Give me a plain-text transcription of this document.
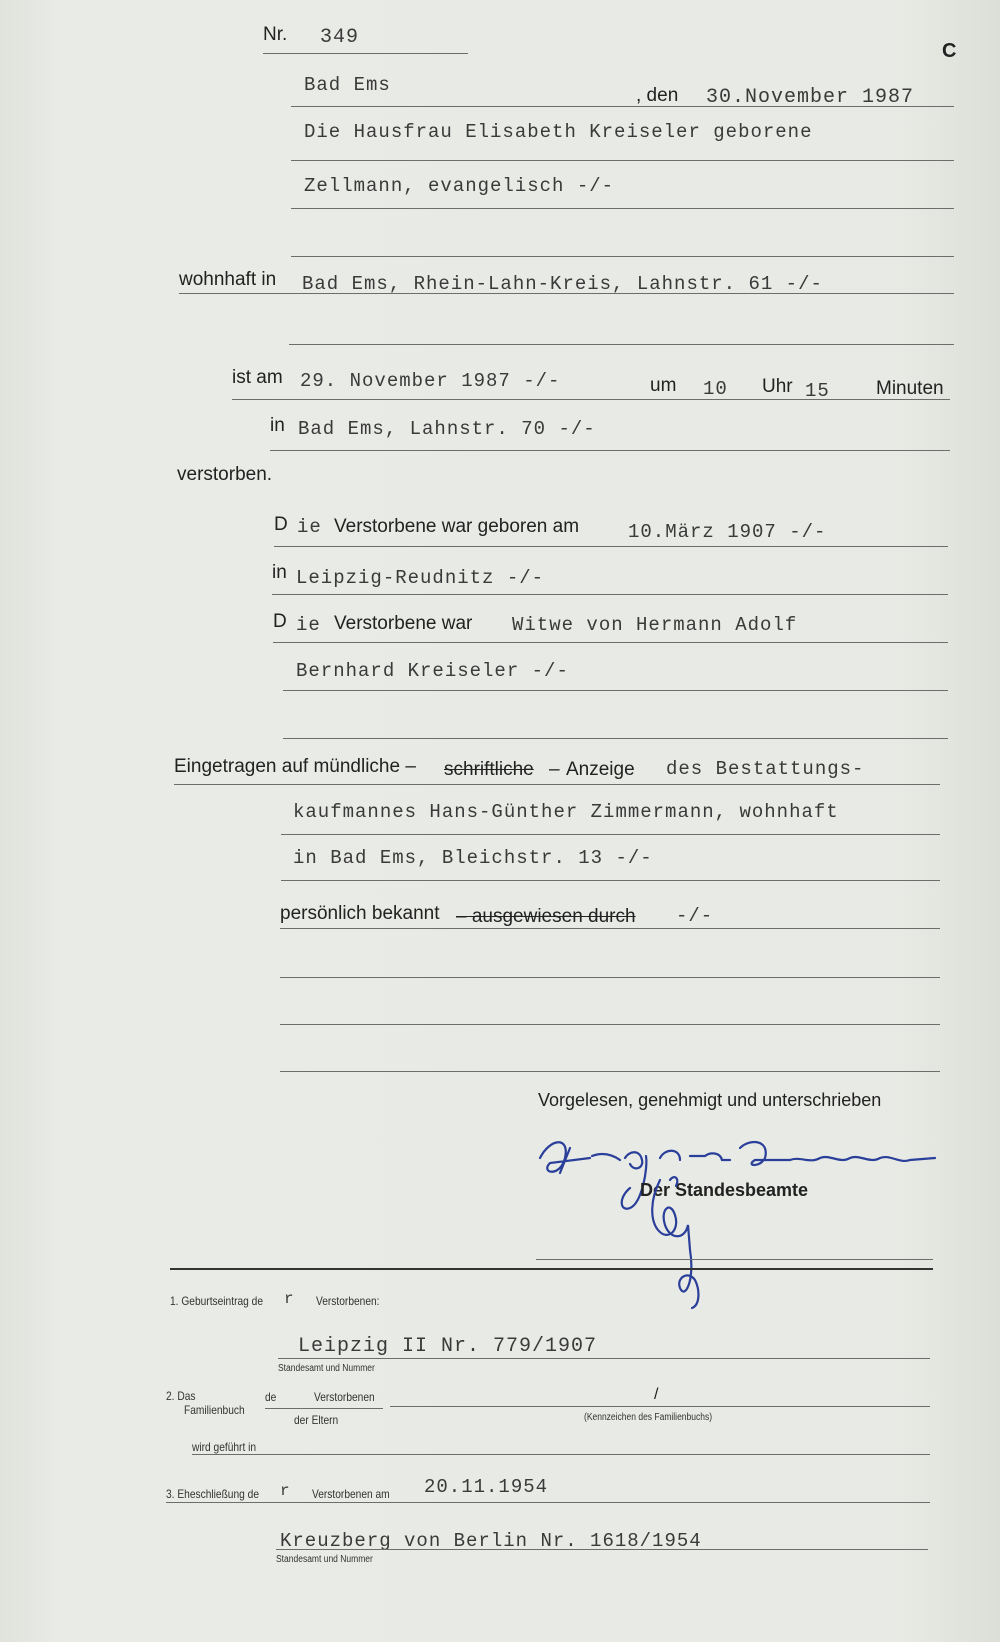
Nr. 349
C
Bad Ems	, den 30.November 1987
Die Hausfrau Elisabeth Kreiseler geborene
Zellmann, evangelisch -/-
wohnhaft in Bad Ems, Rhein-Lahn-Kreis, Lahnstr. 61 -/-
ist am 29. November 1987 -/-	um 10 Uhr 15 Minuten
in Bad Ems, Lahnstr. 70 -/-
verstorben.
D ie Verstorbene war geboren am	10.März 1907 -/-
in Leipzig-Reudnitz -/-
D ie Verstorbene war Witwe von Hermann Adolf
Bernhard Kreiseler -/-
Eingetragen auf mündliche – schriftliche – Anzeige des Bestattungs-
kaufmannes Hans-Günther Zimmermann, wohnhaft
in Bad Ems, Bleichstr. 13 -/-
persönlich bekannt – ausgewiesen durch -/-
Vorgelesen, genehmigt und unterschrieben
Der Standesbeamte
1. Geburtseintrag de r Verstorbenen:
Leipzig II Nr. 779/1907
Standesamt und Nummer
2. Das
Familienbuch
de	Verstorbenen
der Eltern
/
(Kennzeichen des Familienbuchs)
wird geführt in
3. Eheschließung de r Verstorbenen am 20.11.1954
Kreuzberg von Berlin Nr. 1618/1954
Standesamt und Nummer
